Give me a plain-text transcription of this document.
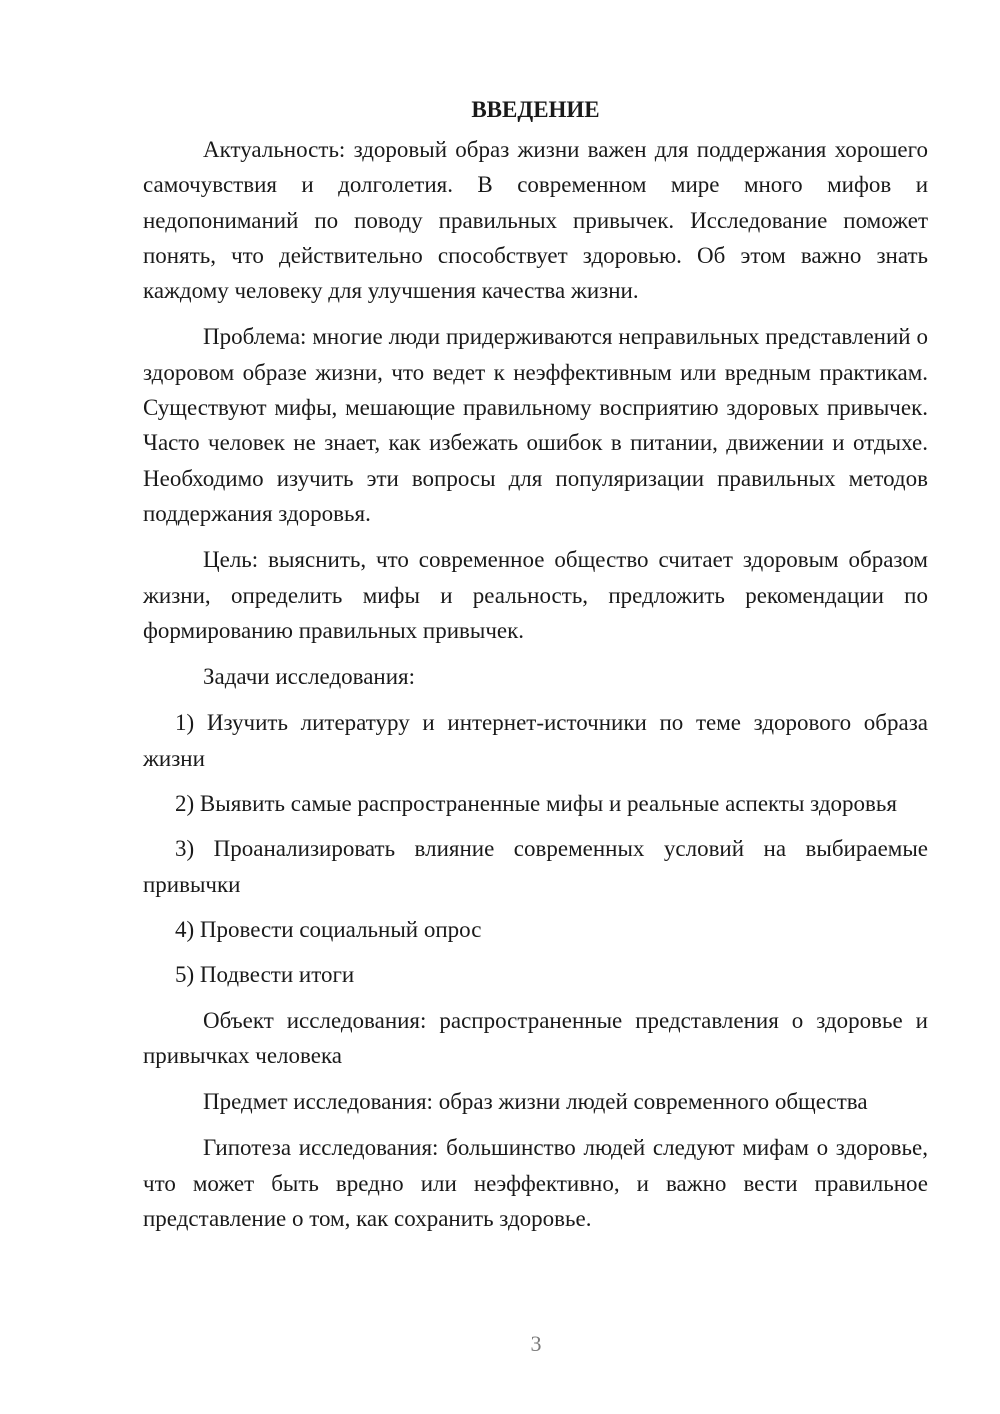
ВВЕДЕНИЕ

Актуальность: здоровый образ жизни важен для поддержания хорошего самочувствия и долголетия. В современном мире много мифов и недопониманий по поводу правильных привычек. Исследование поможет понять, что действительно способствует здоровью. Об этом важно знать каждому человеку для улучшения качества жизни.

Проблема: многие люди придерживаются неправильных представлений о здоровом образе жизни, что ведет к неэффективным или вредным практикам. Существуют мифы, мешающие правильному восприятию здоровых привычек. Часто человек не знает, как избежать ошибок в питании, движении и отдыхе. Необходимо изучить эти вопросы для популяризации правильных методов поддержания здоровья.

Цель: выяснить, что современное общество считает здоровым образом жизни, определить мифы и реальность, предложить рекомендации по формированию правильных привычек.

Задачи исследования:

1) Изучить литературу и интернет-источники по теме здорового образа жизни

2) Выявить самые распространенные мифы и реальные аспекты здоровья

3) Проанализировать влияние современных условий на выбираемые привычки

4) Провести социальный опрос

5) Подвести итоги

Объект исследования: распространенные представления о здоровье и привычках человека

Предмет исследования: образ жизни людей современного общества

Гипотеза исследования: большинство людей следуют мифам о здоровье, что может быть вредно или неэффективно, и важно вести правильное представление о том, как сохранить здоровье.

3
